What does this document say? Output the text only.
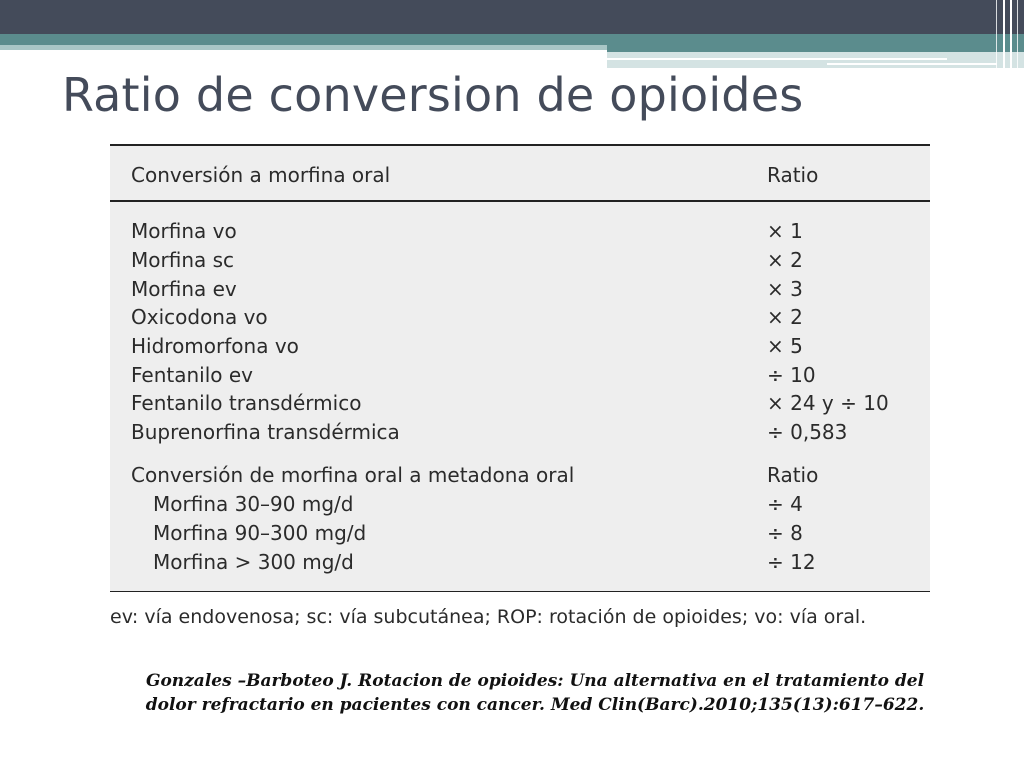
Ratio de conversion de opioides
Conversión a morfina oral	Ratio
Morfina vo	× 1
Morfina sc	× 2
Morfina ev	× 3
Oxicodona vo	× 2
Hidromorfona vo	× 5
Fentanilo ev	÷ 10
Fentanilo transdérmico	× 24 y ÷ 10
Buprenorfina transdérmica	÷ 0,583
Conversión de morfina oral a metadona oral	Ratio
Morfina 30–90 mg/d	÷ 4
Morfina 90–300 mg/d	÷ 8
Morfina > 300 mg/d	÷ 12
ev: vía endovenosa; sc: vía subcutánea; ROP: rotación de opioides; vo: vía oral.
Gonzales –Barboteo J. Rotacion de opioides: Una alternativa en el tratamiento del
dolor refractario en pacientes con cancer. Med Clin(Barc).2010;135(13):617–622.
